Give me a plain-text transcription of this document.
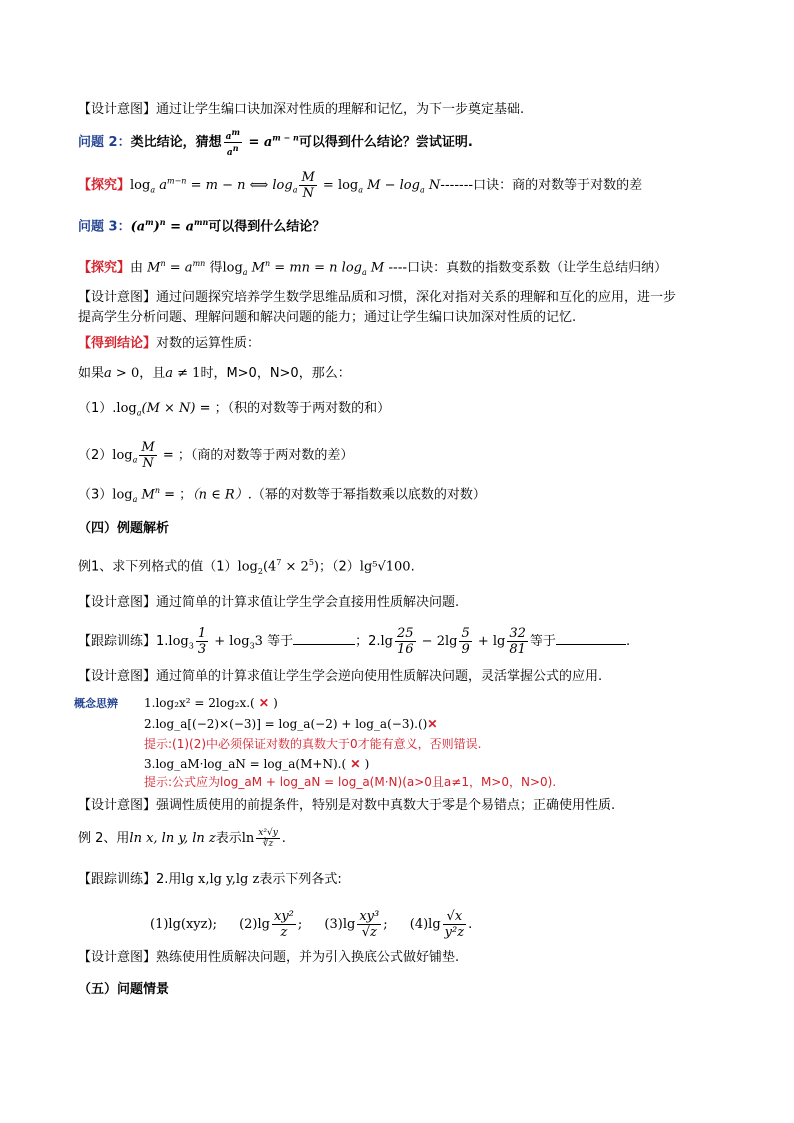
【设计意图】通过让学生编口诀加深对性质的理解和记忆，为下一步奠定基础.
问题 2：类比结论，猜想 $\frac{a^m}{a^n} = a^{m - n}$可以得到什么结论？尝试证明.
【探究】$\log_a a^{m-n} = m - n$ ⟺ $\log_a \frac{M}{N} = \log_a M - \log_a N-------$口诀：商的对数等于对数的差
问题 3：$(a^m)^n = a^{mn}$可以得到什么结论？
【探究】由 $M^n = a^{mn}$ 得$\log_a M^n$ = mn = n $\log_a M$ ----口诀：真数的指数变系数（让学生总结归纳）
【设计意图】通过问题探究培养学生数学思维品质和习惯，深化对指对关系的理解和互化的应用，进一步
提高学生分析问题、理解问题和解决问题的能力；通过让学生编口诀加深对性质的记忆.
【得到结论】对数的运算性质：
如果a > 0，且a ≠ 1时，M>0，N>0，那么：
$(1).\log_a(M \times N)$ = ；（积的对数等于两对数的和）
$(2)\log_a \frac{M}{N}$ = ；（商的对数等于两对数的差）
$(3)\log_a$ $M^n$ = ；（n ∈ R）.（幂的对数等于幂指数乘以底数的对数）
（四）例题解析
例1、求下列格式的值$(1)\log_2(4^7 \times 2^5)$；（2）lg⁵√100.
【设计意图】通过简单的计算求值让学生学会直接用性质解决问题.
【跟踪训练】$1.\log_3 \frac{1}{3} + \log_33$ 等于	；$2.\lg \frac{25}{16} - 2\lg \frac{5}{9} + \lg \frac{32}{81}$ 等于	.
【设计意图】通过简单的计算求值让学生学会逆向使用性质解决问题，灵活掌握公式的应用.
概念思辨 1.log₂x² = 2log₂x.( ✕ )
2.log_a[(−2)×(−3)] = log_a(−2) + log_a(−3).()✕
提示:(1)(2)中必须保证对数的真数大于0才能有意义，否则错误.
3.log_aM·log_aN = log_a(M+N).( ✕ )
提示:公式应为log_aM + log_aN = log_a(M·N)(a>0且a≠1，M>0，N>0).
【设计意图】强调性质使用的前提条件，特别是对数中真数大于零是个易错点；正确使用性质.
例 2、用ln x, ln y, ln z表示$\ln \frac{\text{x²√y}}{∛z}$ .
【跟踪训练】2.用lg x,lg y,lg z表示下列各式:
(1)lg(xyz); $(2)\lg \frac{\text{xy²}}{z}$ ; $(3)\lg \frac{\text{xy³}}{√z}$ ; $(4)\lg \frac{√x}{\text{y²z}}$ .
【设计意图】熟练使用性质解决问题，并为引入换底公式做好铺垫.
（五）问题情景
